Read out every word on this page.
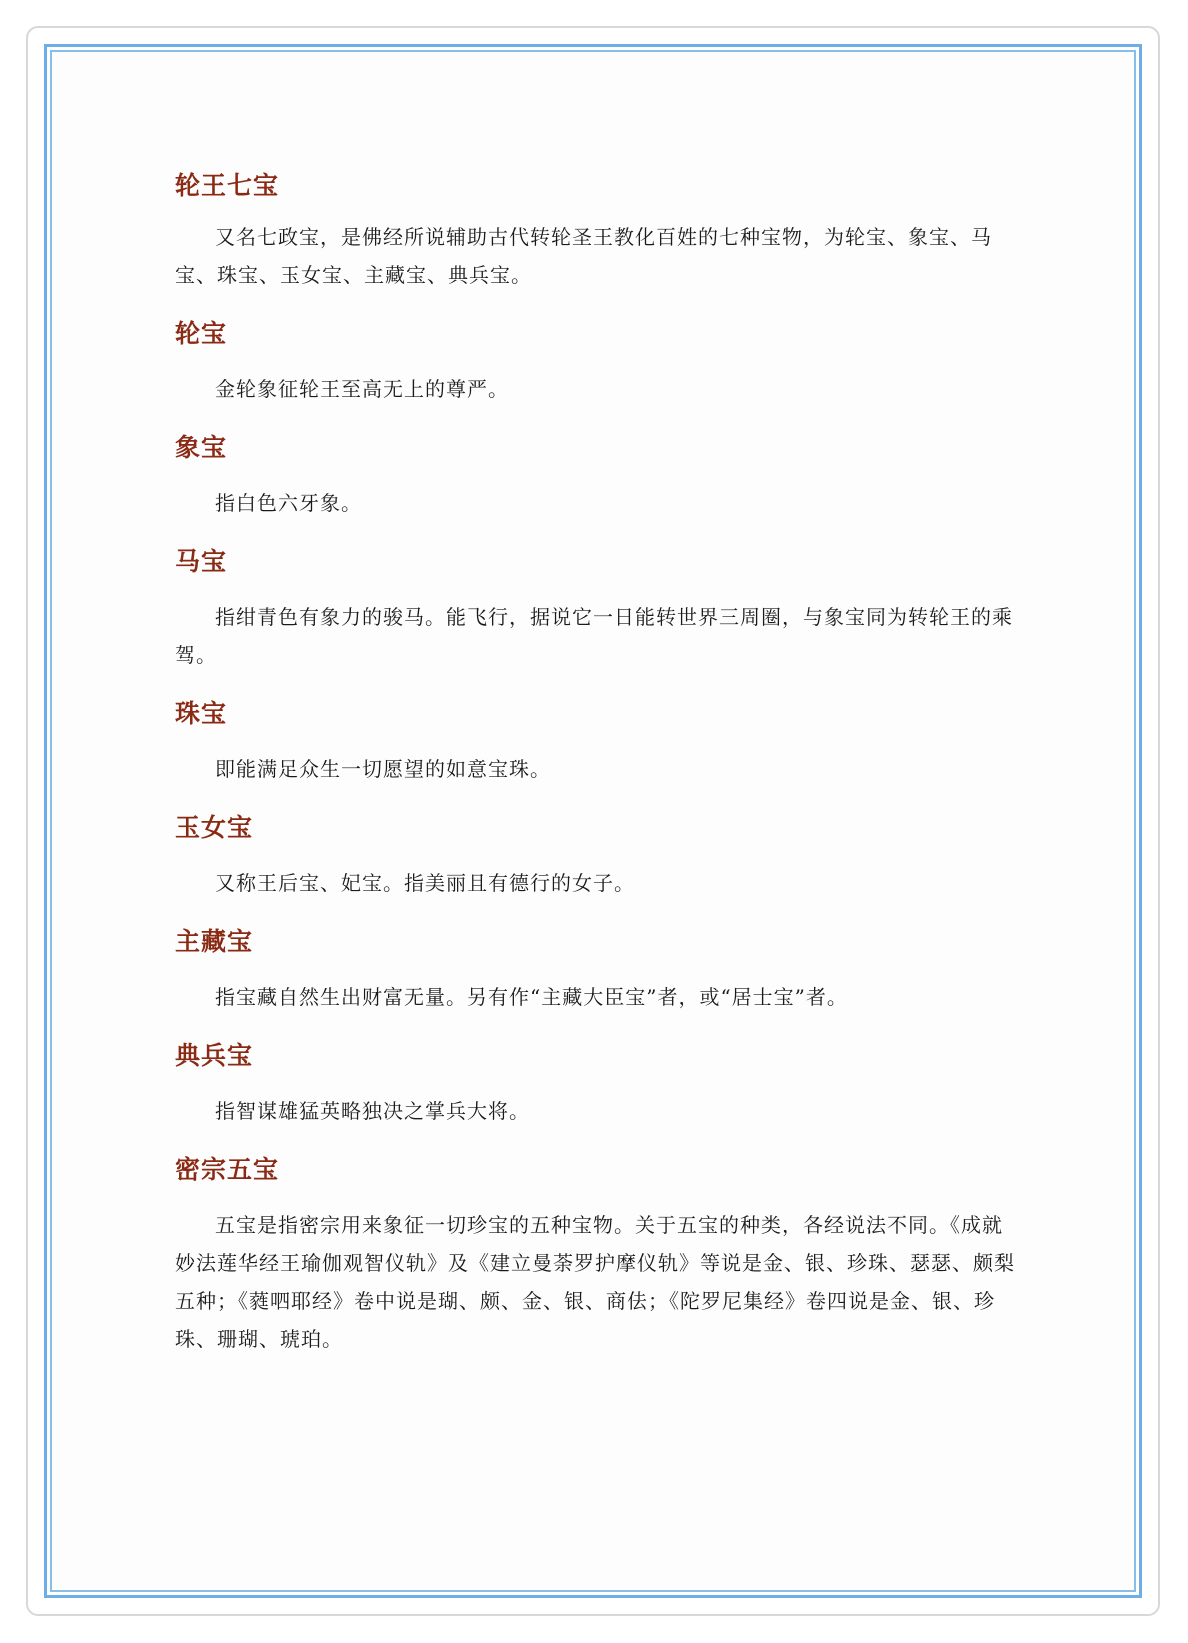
轮王七宝

又名七政宝，是佛经所说辅助古代转轮圣王教化百姓的七种宝物，为轮宝、象宝、马宝、珠宝、玉女宝、主藏宝、典兵宝。

轮宝

金轮象征轮王至高无上的尊严。

象宝

指白色六牙象。

马宝

指绀青色有象力的骏马。能飞行，据说它一日能转世界三周圈，与象宝同为转轮王的乘驾。

珠宝

即能满足众生一切愿望的如意宝珠。

玉女宝

又称王后宝、妃宝。指美丽且有德行的女子。

主藏宝

指宝藏自然生出财富无量。另有作“主藏大臣宝”者，或“居士宝”者。

典兵宝

指智谋雄猛英略独决之掌兵大将。

密宗五宝

五宝是指密宗用来象征一切珍宝的五种宝物。关于五宝的种类，各经说法不同。《成就妙法莲华经王瑜伽观智仪轨》及《建立曼荼罗护摩仪轨》等说是金、银、珍珠、瑟瑟、颇梨五种；《蕤呬耶经》卷中说是瑚、颇、金、银、商佉；《陀罗尼集经》卷四说是金、银、珍珠、珊瑚、琥珀。
